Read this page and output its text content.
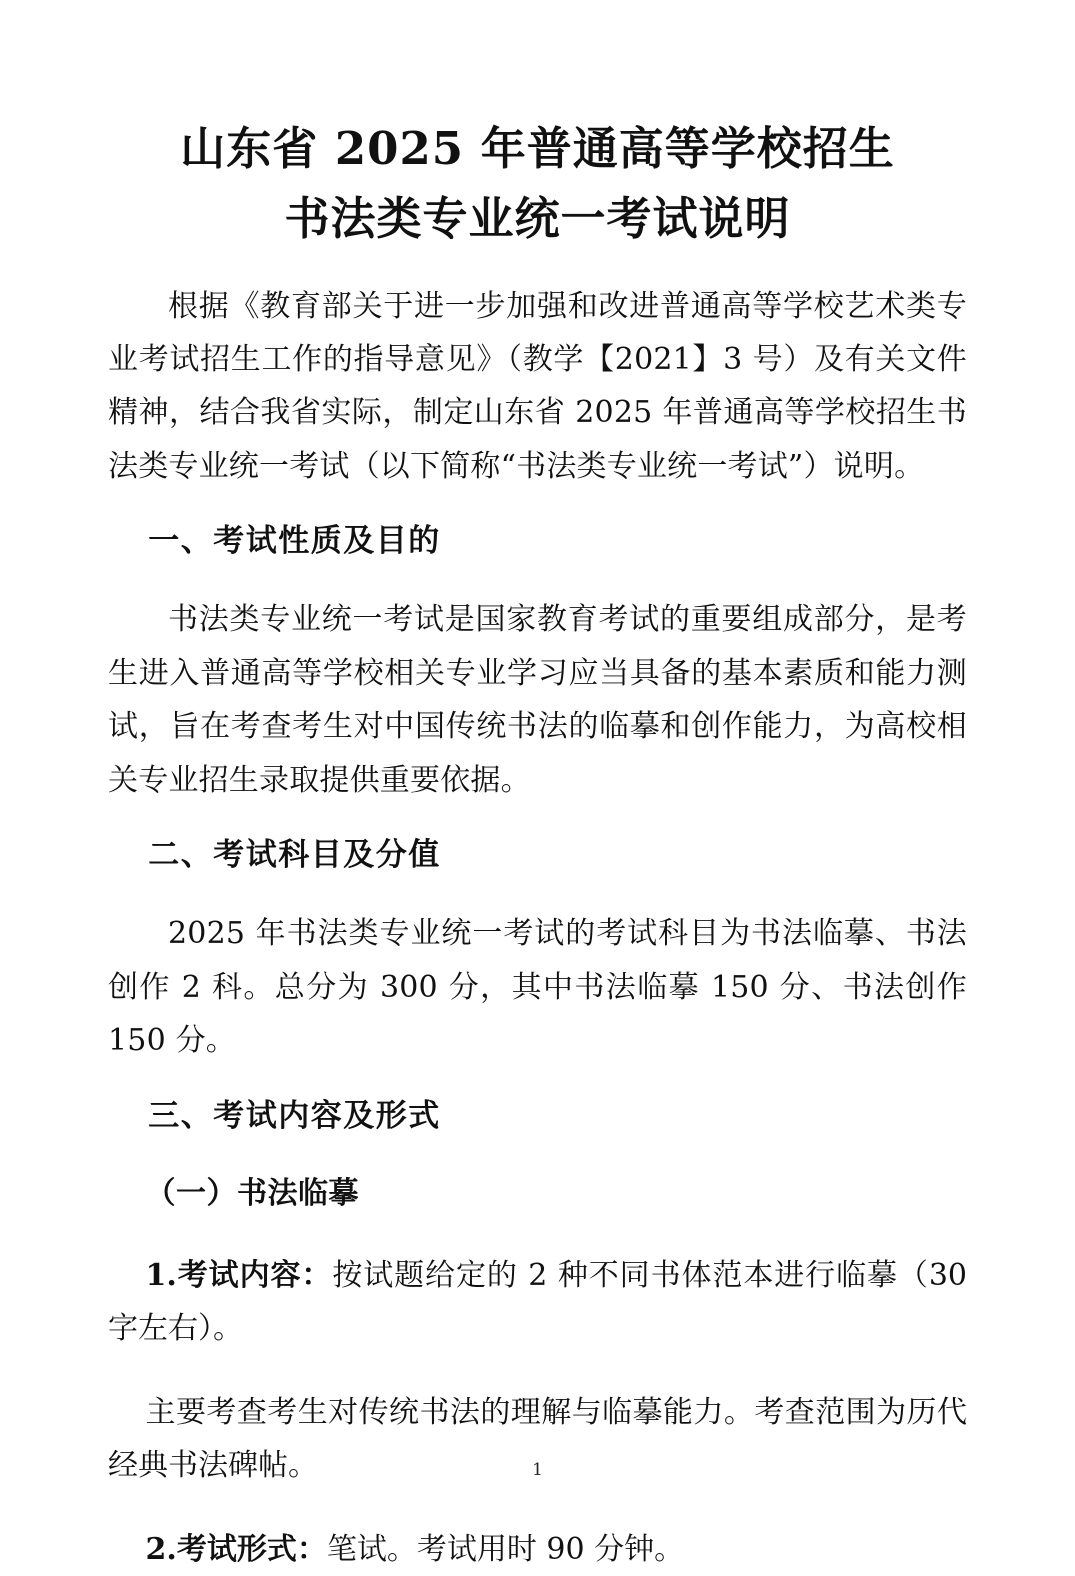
山东省 2025 年普通高等学校招生
书法类专业统一考试说明

根据《教育部关于进一步加强和改进普通高等学校艺术类专业考试招生工作的指导意见》（教学【2021】3 号）及有关文件精神，结合我省实际，制定山东省 2025 年普通高等学校招生书法类专业统一考试（以下简称“书法类专业统一考试”）说明。

一、考试性质及目的

书法类专业统一考试是国家教育考试的重要组成部分，是考生进入普通高等学校相关专业学习应当具备的基本素质和能力测试，旨在考查考生对中国传统书法的临摹和创作能力，为高校相关专业招生录取提供重要依据。

二、考试科目及分值

2025 年书法类专业统一考试的考试科目为书法临摹、书法创作 2 科。总分为 300 分，其中书法临摹 150 分、书法创作 150 分。

三、考试内容及形式
（一）书法临摹

1.考试内容：按试题给定的 2 种不同书体范本进行临摹（30 字左右）。

主要考查考生对传统书法的理解与临摹能力。考查范围为历代经典书法碑帖。

2.考试形式：笔试。考试用时 90 分钟。

1
